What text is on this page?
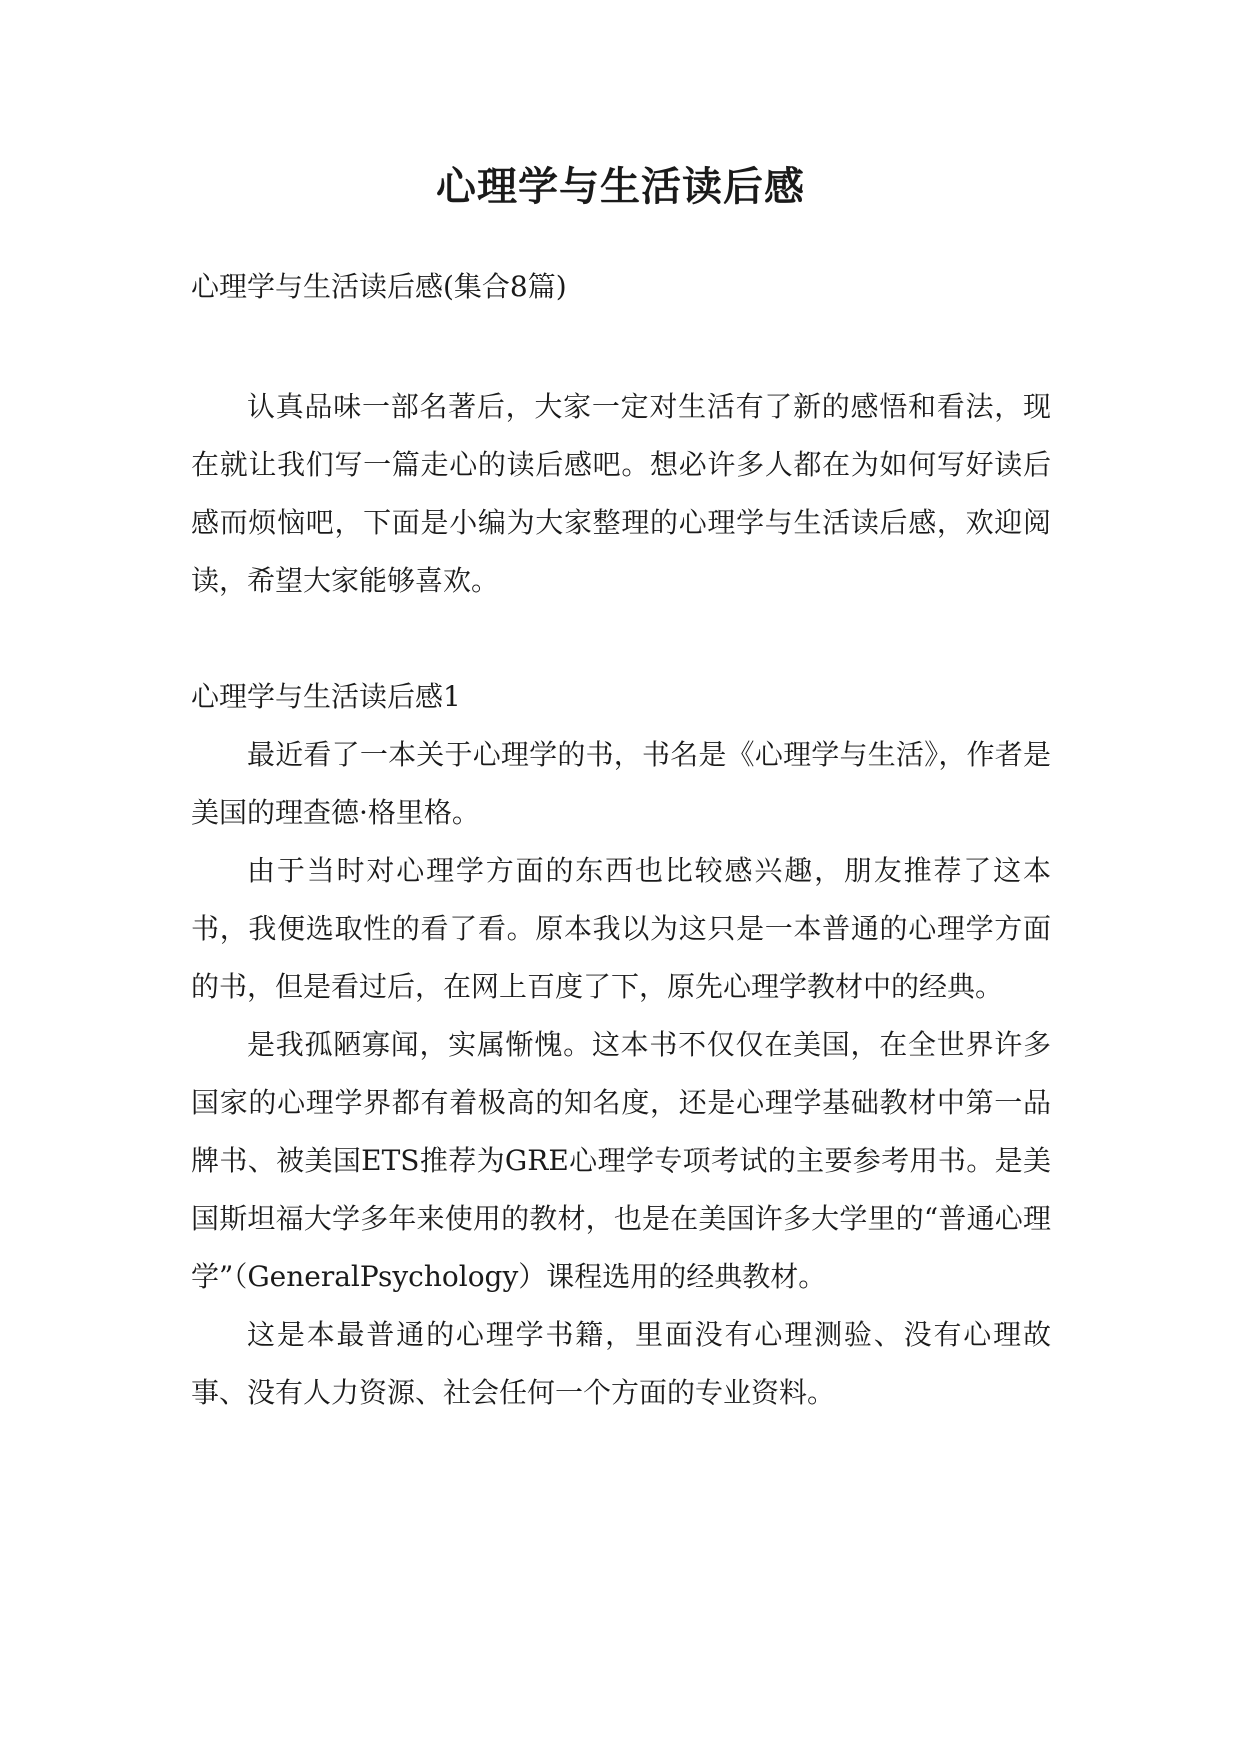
心理学与生活读后感

心理学与生活读后感(集合8篇)

认真品味一部名著后，大家一定对生活有了新的感悟和看法，现在就让我们写一篇走心的读后感吧。想必许多人都在为如何写好读后感而烦恼吧，下面是小编为大家整理的心理学与生活读后感，欢迎阅读，希望大家能够喜欢。

心理学与生活读后感1

最近看了一本关于心理学的书，书名是《心理学与生活》，作者是美国的理查德·格里格。

由于当时对心理学方面的东西也比较感兴趣，朋友推荐了这本书，我便选取性的看了看。原本我以为这只是一本普通的心理学方面的书，但是看过后，在网上百度了下，原先心理学教材中的经典。

是我孤陋寡闻，实属惭愧。这本书不仅仅在美国，在全世界许多国家的心理学界都有着极高的知名度，还是心理学基础教材中第一品牌书、被美国ETS推荐为GRE心理学专项考试的主要参考用书。是美国斯坦福大学多年来使用的教材，也是在美国许多大学里的“普通心理学”（GeneralPsychology）课程选用的经典教材。

这是本最普通的心理学书籍，里面没有心理测验、没有心理故事、没有人力资源、社会任何一个方面的专业资料。
